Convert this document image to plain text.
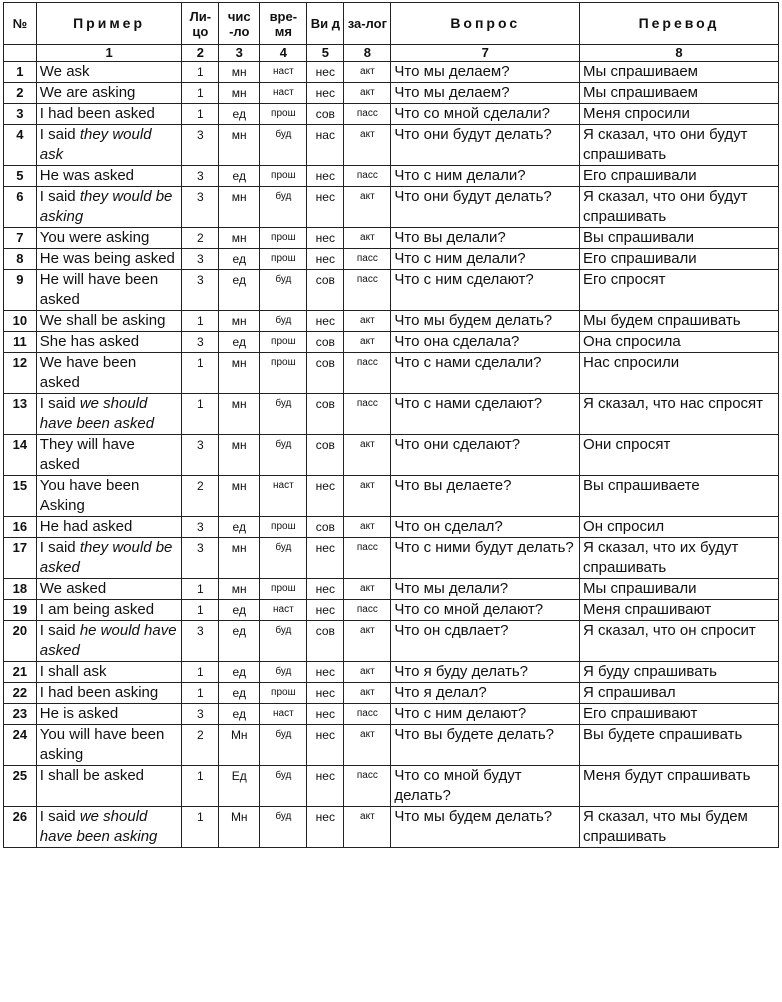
№	Пример	Ли-цо	чис -ло	вре-мя	Ви д	за-лог	Вопрос	Перевод
	1	2	3	4	5	8	7	8
1	We ask	1	мн	наст	нес	акт	Что мы делаем?	Мы спрашиваем
2	We are asking	1	мн	наст	нес	акт	Что мы делаем?	Мы спрашиваем
3	I had been asked	1	ед	прош	сов	пасс	Что со мной сделали?	Меня спросили
4	I said they would ask	3	мн	буд	нас	акт	Что они будут делать?	Я сказал, что они будут спрашивать
5	He was asked	3	ед	прош	нес	пасс	Что с ним делали?	Его спрашивали
6	I said they would be asking	3	мн	буд	нес	акт	Что они будут делать?	Я сказал, что они будут спрашивать
7	You were asking	2	мн	прош	нес	акт	Что вы делали?	Вы спрашивали
8	He was being asked	3	ед	прош	нес	пасс	Что с ним делали?	Его спрашивали
9	He will have been asked	3	ед	буд	сов	пасс	Что с ним сделают?	Его спросят
10	We shall be asking	1	мн	буд	нес	акт	Что мы будем делать?	Мы будем спрашивать
11	She has asked	3	ед	прош	сов	акт	Что она сделала?	Она спросила
12	We have been asked	1	мн	прош	сов	пасс	Что с нами сделали?	Нас спросили
13	I said we should have been asked	1	мн	буд	сов	пасс	Что с нами сделают?	Я сказал, что нас спросят
14	They will have asked	3	мн	буд	сов	акт	Что они сделают?	Они спросят
15	You have been Asking	2	мн	наст	нес	акт	Что вы делаете?	Вы спрашиваете
16	He had asked	3	ед	прош	сов	акт	Что он сделал?	Он спросил
17	I said they would be asked	3	мн	буд	нес	пасс	Что с ними будут делать?	Я сказал, что их будут спрашивать
18	We asked	1	мн	прош	нес	акт	Что мы делали?	Мы спрашивали
19	I am being asked	1	ед	наст	нес	пасс	Что со мной делают?	Меня спрашивают
20	I said he would have asked	3	ед	буд	сов	акт	Что он сдвлает?	Я сказал, что он спросит
21	I shall ask	1	ед	буд	нес	акт	Что я буду делать?	Я буду спрашивать
22	I had been asking	1	ед	прош	нес	акт	Что я делал?	Я спрашивал
23	He is asked	3	ед	наст	нес	пасс	Что с ним делают?	Его спрашивают
24	You will have been asking	2	Мн	буд	нес	акт	Что вы будете делать?	Вы будете спрашивать
25	I shall be asked	1	Ед	буд	нес	пасс	Что со мной будут делать?	Меня будут спрашивать
26	I said we should have been asking	1	Мн	буд	нес	акт	Что мы будем делать?	Я сказал, что мы будем спрашивать
